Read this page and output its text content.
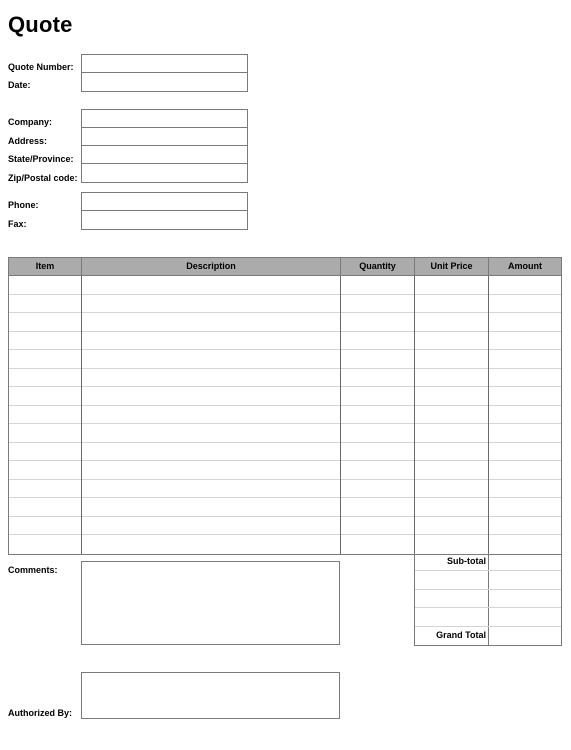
Quote
Quote Number:
Date:
Company:
Address:
State/Province:
Zip/Postal code:
Phone:
Fax:
Item	Description	Quantity	Unit Price	Amount
Sub-total
Grand Total
Comments:
Authorized By:
